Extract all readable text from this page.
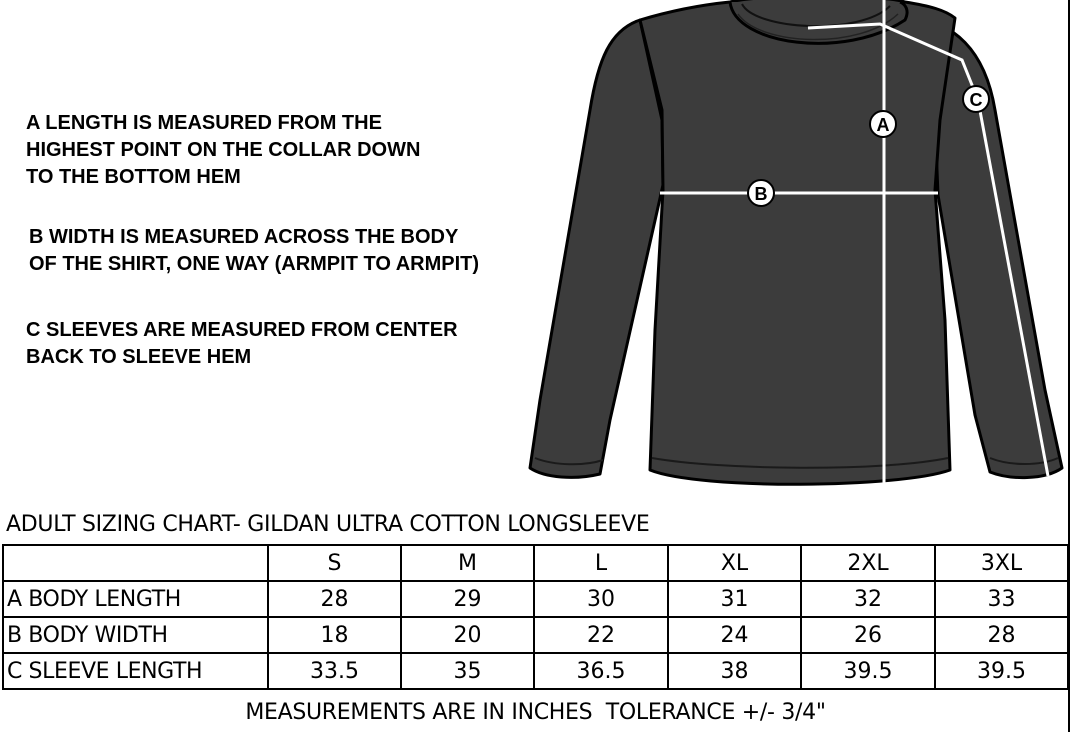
A LENGTH IS MEASURED FROM THE
HIGHEST POINT ON THE COLLAR DOWN
TO THE BOTTOM HEM

B WIDTH IS MEASURED ACROSS THE BODY
OF THE SHIRT, ONE WAY (ARMPIT TO ARMPIT)

C SLEEVES ARE MEASURED FROM CENTER
BACK TO SLEEVE HEM

A
B
C
ADULT SIZING CHART- GILDAN ULTRA COTTON LONGSLEEVE
	S	M	L	XL	2XL	3XL
A BODY LENGTH	28	29	30	31	32	33
B BODY WIDTH	18	20	22	24	26	28
C SLEEVE LENGTH	33.5	35	36.5	38	39.5	39.5
MEASUREMENTS ARE IN INCHES  TOLERANCE +/- 3/4"
